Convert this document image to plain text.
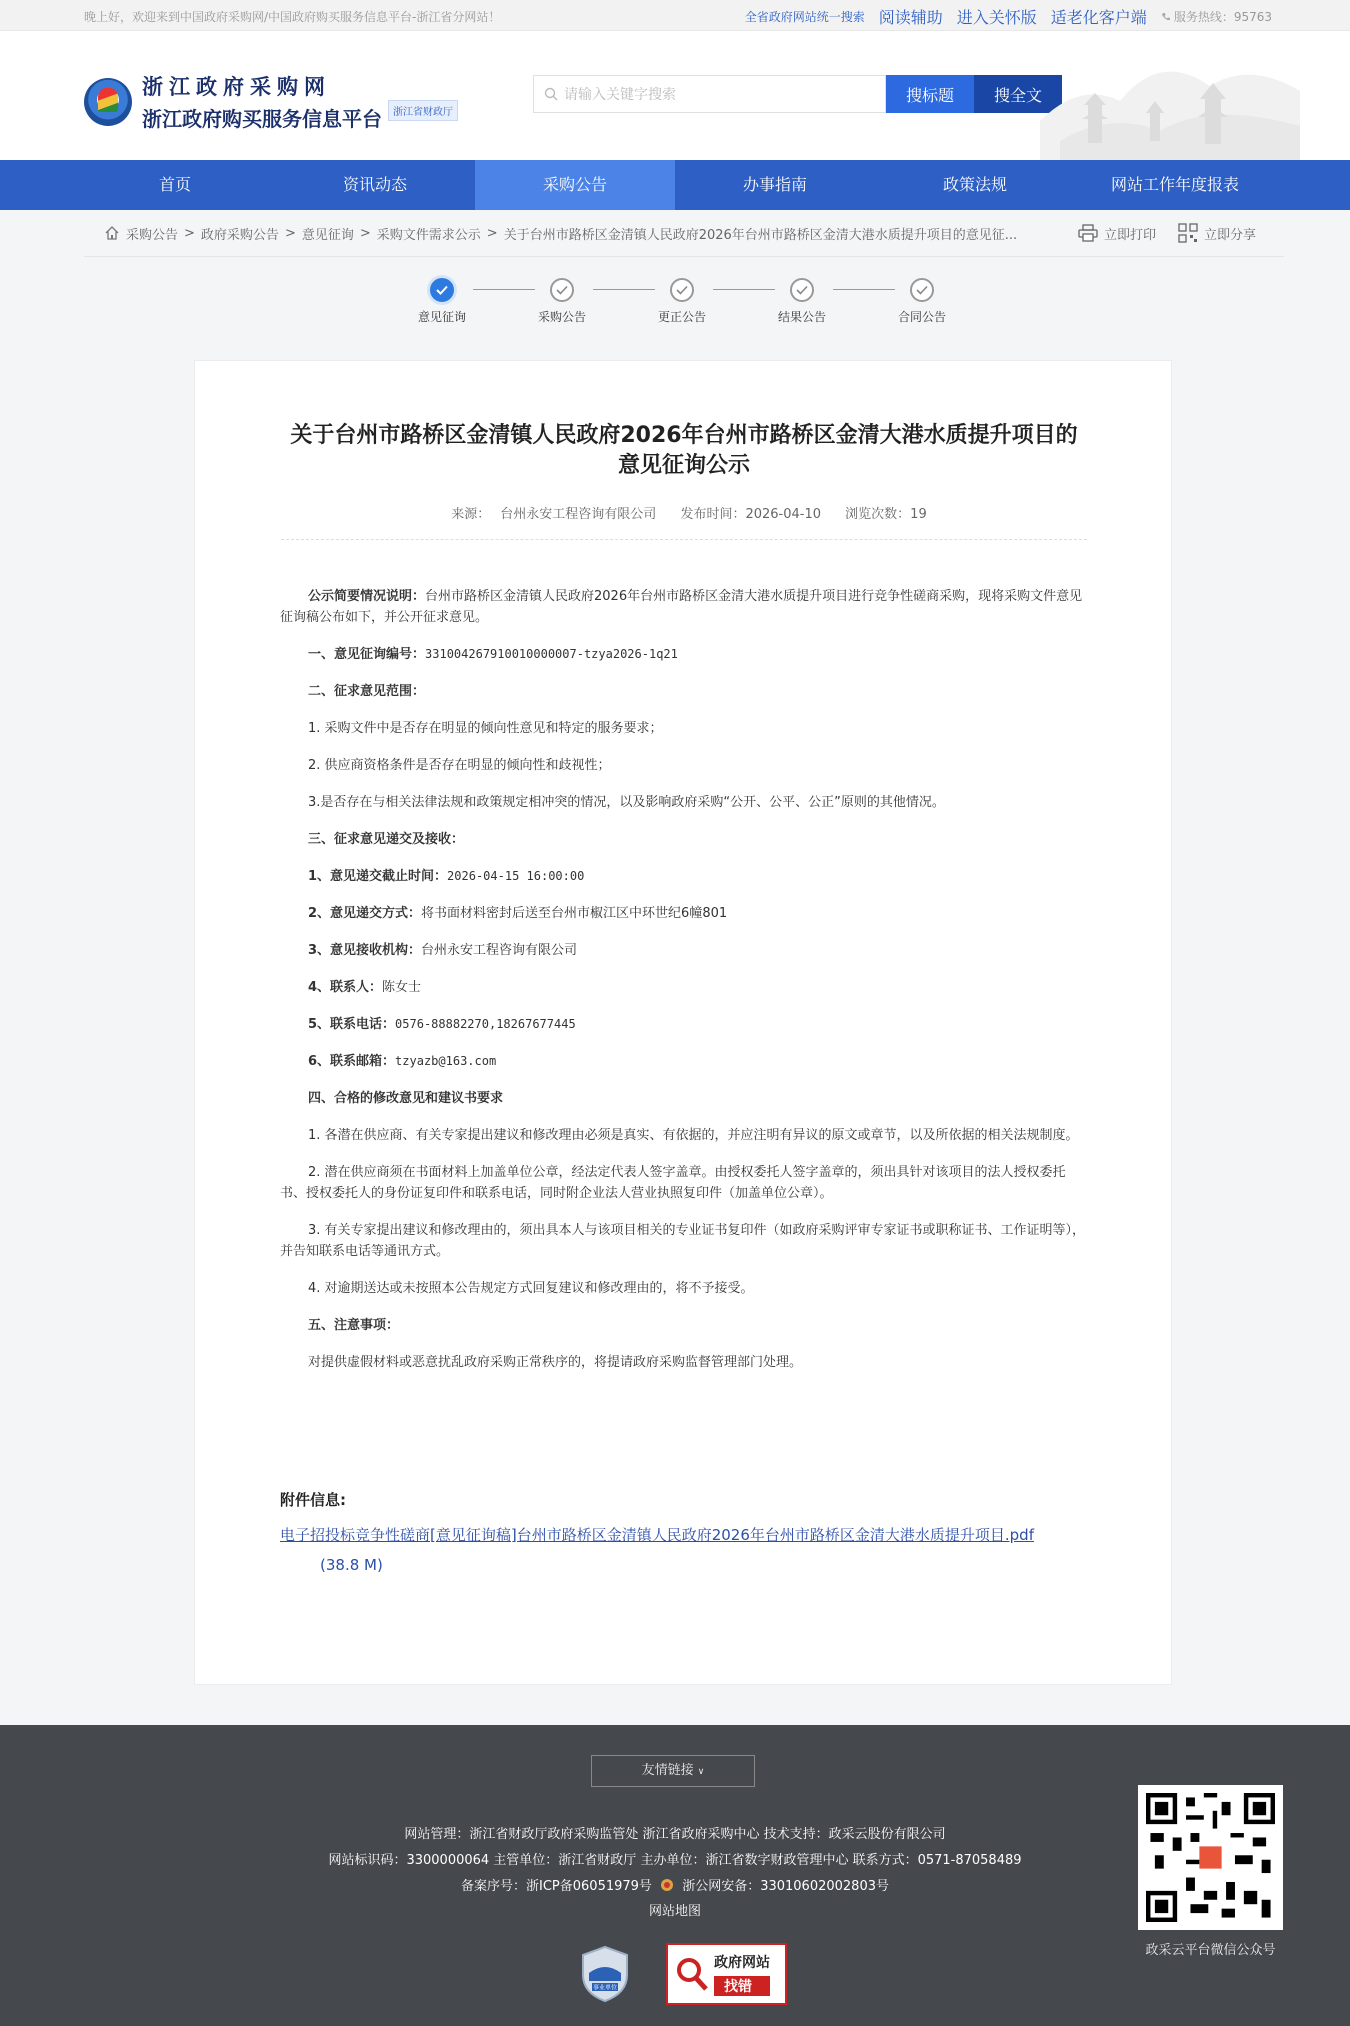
晚上好，欢迎来到中国政府采购网/中国政府购买服务信息平台-浙江省分网站！	全省政府网站统一搜索 阅读辅助 进入关怀版 适老化客户端 服务热线：95763
浙江政府采购网
浙江政府购买服务信息平台	浙江省财政厅
请输入关键字搜索	搜标题	搜全文
首页	资讯动态	采购公告	办事指南	政策法规	网站工作年度报表
采购公告 > 政府采购公告 > 意见征询 > 采购文件需求公示 > 关于台州市路桥区金清镇人民政府2026年台州市路桥区金清大港水质提升项目的意见征...	立即打印	立即分享
意见征询	采购公告	更正公告	结果公告	合同公告
关于台州市路桥区金清镇人民政府2026年台州市路桥区金清大港水质提升项目的意见征询公示
来源： 台州永安工程咨询有限公司 发布时间：2026-04-10 浏览次数：19

公示简要情况说明：台州市路桥区金清镇人民政府2026年台州市路桥区金清大港水质提升项目进行竞争性磋商采购，现将采购文件意见征询稿公布如下，并公开征求意见。

一、意见征询编号：331004267910010000007-tzya2026-1q21

二、征求意见范围：

1. 采购文件中是否存在明显的倾向性意见和特定的服务要求；

2. 供应商资格条件是否存在明显的倾向性和歧视性；

3.是否存在与相关法律法规和政策规定相冲突的情况，以及影响政府采购“公开、公平、公正”原则的其他情况。

三、征求意见递交及接收：

1、意见递交截止时间：2026-04-15 16:00:00

2、意见递交方式：将书面材料密封后送至台州市椒江区中环世纪6幢801

3、意见接收机构：台州永安工程咨询有限公司

4、联系人：陈女士

5、联系电话：0576-88882270,18267677445

6、联系邮箱：tzyazb@163.com

四、合格的修改意见和建议书要求

1. 各潜在供应商、有关专家提出建议和修改理由必须是真实、有依据的，并应注明有异议的原文或章节，以及所依据的相关法规制度。

2. 潜在供应商须在书面材料上加盖单位公章，经法定代表人签字盖章。由授权委托人签字盖章的，须出具针对该项目的法人授权委托书、授权委托人的身份证复印件和联系电话，同时附企业法人营业执照复印件（加盖单位公章）。

3. 有关专家提出建议和修改理由的，须出具本人与该项目相关的专业证书复印件（如政府采购评审专家证书或职称证书、工作证明等），并告知联系电话等通讯方式。

4. 对逾期送达或未按照本公告规定方式回复建议和修改理由的，将不予接受。

五、注意事项：

对提供虚假材料或恶意扰乱政府采购正常秩序的，将提请政府采购监督管理部门处理。

附件信息:
电子招投标竞争性磋商[意见征询稿]台州市路桥区金清镇人民政府2026年台州市路桥区金清大港水质提升项目.pdf
(38.8 M)
友情链接 ∨
网站管理：浙江省财政厅政府采购监管处 浙江省政府采购中心 技术支持：政采云股份有限公司
网站标识码：3300000064 主管单位：浙江省财政厅 主办单位：浙江省数字财政管理中心 联系方式：0571-87058489
备案序号：浙ICP备06051979号 浙公网安备：33010602002803号
网站地图
政采云平台微信公众号
事业单位
政府网站
找错
